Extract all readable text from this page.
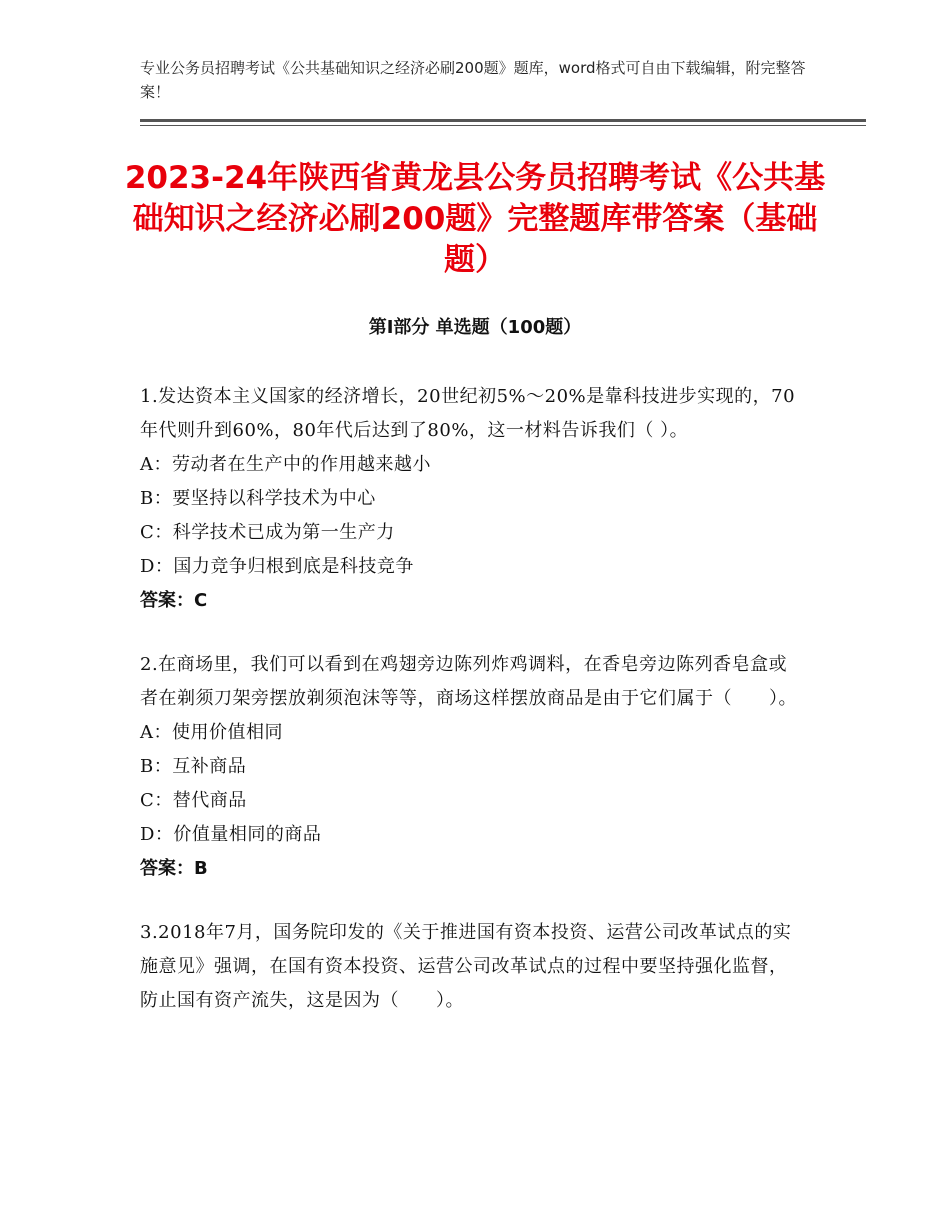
专业公务员招聘考试《公共基础知识之经济必刷200题》题库，word格式可自由下载编辑，附完整答案！
2023-24年陕西省黄龙县公务员招聘考试《公共基础知识之经济必刷200题》完整题库带答案（基础题）
第Ⅰ部分 单选题（100题）
1.发达资本主义国家的经济增长，20世纪初5%～20%是靠科技进步实现的，70年代则升到60%，80年代后达到了80%，这一材料告诉我们（ ）。
A：劳动者在生产中的作用越来越小
B：要坚持以科学技术为中心
C：科学技术已成为第一生产力
D：国力竞争归根到底是科技竞争
答案：C
2.在商场里，我们可以看到在鸡翅旁边陈列炸鸡调料，在香皂旁边陈列香皂盒或者在剃须刀架旁摆放剃须泡沫等等，商场这样摆放商品是由于它们属于（　　）。
A：使用价值相同
B：互补商品
C：替代商品
D：价值量相同的商品
答案：B
3.2018年7月，国务院印发的《关于推进国有资本投资、运营公司改革试点的实施意见》强调，在国有资本投资、运营公司改革试点的过程中要坚持强化监督，防止国有资产流失，这是因为（　　）。
